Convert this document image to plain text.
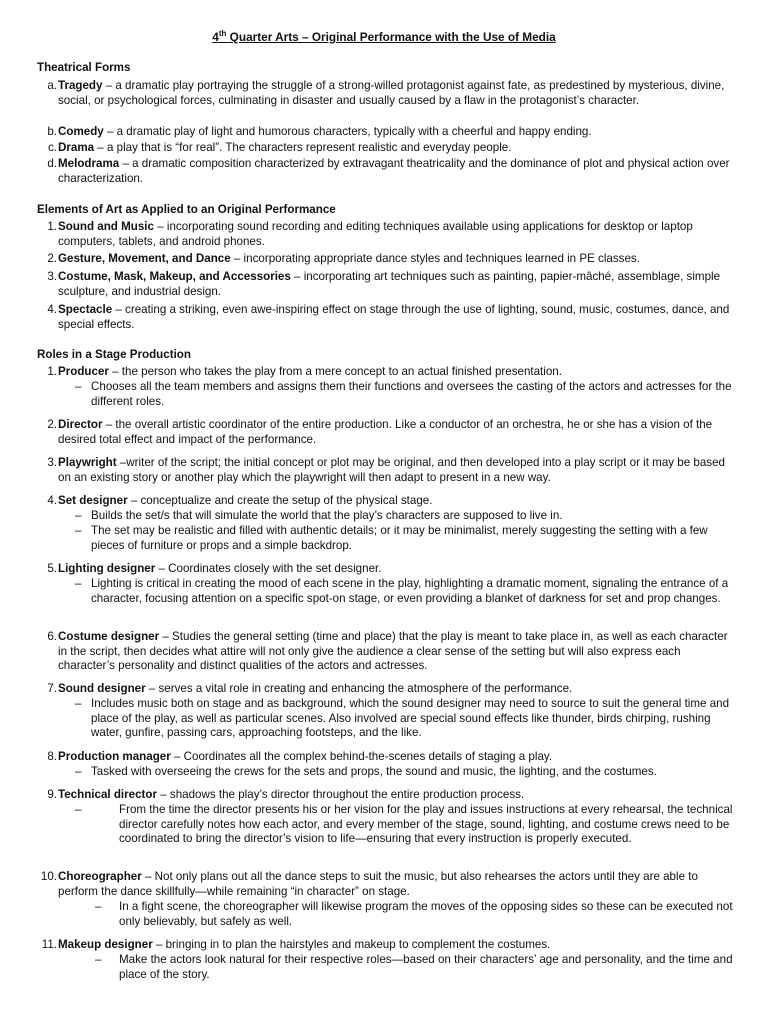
4th Quarter Arts – Original Performance with the Use of Media
Theatrical Forms
a. Tragedy – a dramatic play portraying the struggle of a strong-willed protagonist against fate, as predestined by mysterious, divine, social, or psychological forces, culminating in disaster and usually caused by a flaw in the protagonist’s character.
b. Comedy – a dramatic play of light and humorous characters, typically with a cheerful and happy ending.
c. Drama – a play that is “for real”. The characters represent realistic and everyday people.
d. Melodrama – a dramatic composition characterized by extravagant theatricality and the dominance of plot and physical action over characterization.
Elements of Art as Applied to an Original Performance
1. Sound and Music – incorporating sound recording and editing techniques available using applications for desktop or laptop computers, tablets, and android phones.
2. Gesture, Movement, and Dance – incorporating appropriate dance styles and techniques learned in PE classes.
3. Costume, Mask, Makeup, and Accessories – incorporating art techniques such as painting, papier-mâché, assemblage, simple sculpture, and industrial design.
4. Spectacle – creating a striking, even awe-inspiring effect on stage through the use of lighting, sound, music, costumes, dance, and special effects.
Roles in a Stage Production
1. Producer – the person who takes the play from a mere concept to an actual finished presentation.
– Chooses all the team members and assigns them their functions and oversees the casting of the actors and actresses for the different roles.
2. Director – the overall artistic coordinator of the entire production. Like a conductor of an orchestra, he or she has a vision of the desired total effect and impact of the performance.
3. Playwright –writer of the script; the initial concept or plot may be original, and then developed into a play script or it may be based on an existing story or another play which the playwright will then adapt to present in a new way.
4. Set designer – conceptualize and create the setup of the physical stage.
– Builds the set/s that will simulate the world that the play’s characters are supposed to live in.
– The set may be realistic and filled with authentic details; or it may be minimalist, merely suggesting the setting with a few pieces of furniture or props and a simple backdrop.
5. Lighting designer – Coordinates closely with the set designer.
– Lighting is critical in creating the mood of each scene in the play, highlighting a dramatic moment, signaling the entrance of a character, focusing attention on a specific spot-on stage, or even providing a blanket of darkness for set and prop changes.
6. Costume designer – Studies the general setting (time and place) that the play is meant to take place in, as well as each character in the script, then decides what attire will not only give the audience a clear sense of the setting but will also express each character’s personality and distinct qualities of the actors and actresses.
7. Sound designer – serves a vital role in creating and enhancing the atmosphere of the performance.
– Includes music both on stage and as background, which the sound designer may need to source to suit the general time and place of the play, as well as particular scenes. Also involved are special sound effects like thunder, birds chirping, rushing water, gunfire, passing cars, approaching footsteps, and the like.
8. Production manager – Coordinates all the complex behind-the-scenes details of staging a play.
– Tasked with overseeing the crews for the sets and props, the sound and music, the lighting, and the costumes.
9. Technical director – shadows the play’s director throughout the entire production process.
–	From the time the director presents his or her vision for the play and issues instructions at every rehearsal, the technical director carefully notes how each actor, and every member of the stage, sound, lighting, and costume crews need to be coordinated to bring the director’s vision to life—ensuring that every instruction is properly executed.
10. Choreographer – Not only plans out all the dance steps to suit the music, but also rehearses the actors until they are able to perform the dance skillfully—while remaining “in character” on stage.
– In a fight scene, the choreographer will likewise program the moves of the opposing sides so these can be executed not only believably, but safely as well.
11. Makeup designer – bringing in to plan the hairstyles and makeup to complement the costumes.
– Make the actors look natural for their respective roles—based on their characters’ age and personality, and the time and place of the story.
